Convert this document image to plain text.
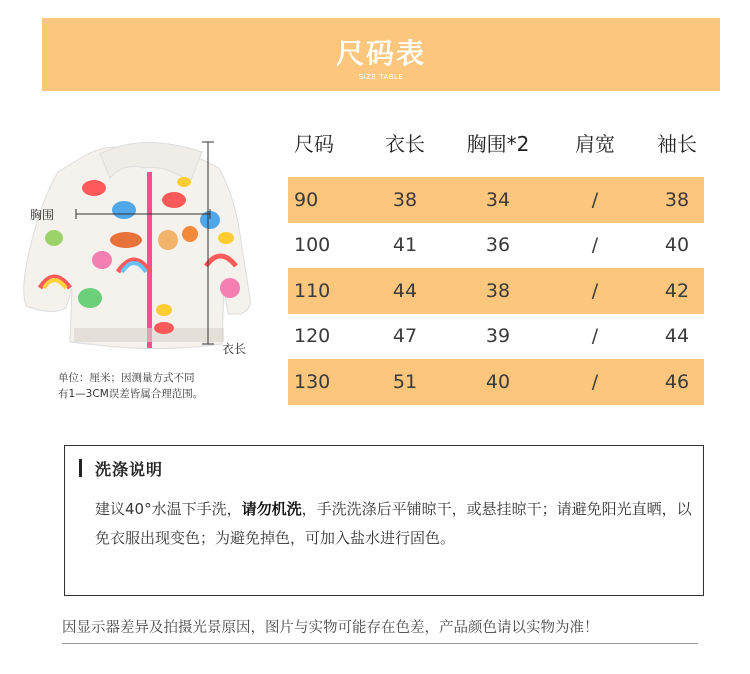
尺码表
SIZE TABLE
胸围
衣长
单位：厘米；因测量方式不同
有1—3CM误差皆属合理范围。
尺码	衣长	胸围*2	肩宽	袖长
90	38	34	/	38
100	41	36	/	40
110	44	38	/	42
120	47	39	/	44
130	51	40	/	46
洗涤说明
建议40°水温下手洗，请勿机洗，手洗洗涤后平铺晾干，或悬挂晾干；请避免阳光直晒，以免衣服出现变色；为避免掉色，可加入盐水进行固色。
因显示器差异及拍摄光景原因，图片与实物可能存在色差，产品颜色请以实物为准！
